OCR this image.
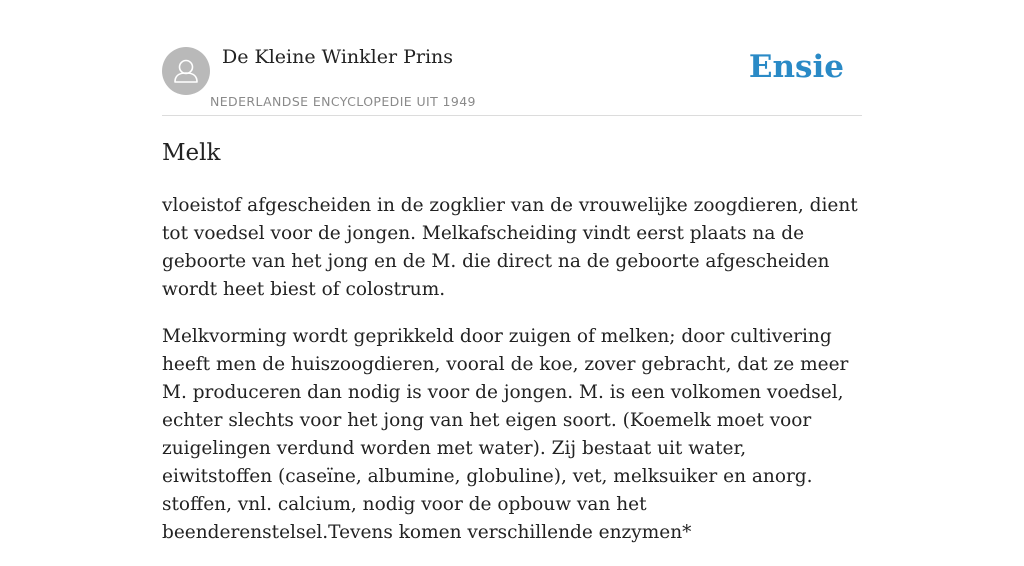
De Kleine Winkler Prins
NEDERLANDSE ENCYCLOPEDIE UIT 1949
Ensie
Melk

vloeistof afgescheiden in de zogklier van de vrouwelijke zoogdieren, dient tot voedsel voor de jongen. Melkafscheiding vindt eerst plaats na de geboorte van het jong en de M. die direct na de geboorte afgescheiden wordt heet biest of colostrum.

Melkvorming wordt geprikkeld door zuigen of melken; door cultivering heeft men de huiszoogdieren, vooral de koe, zover gebracht, dat ze meer M. produceren dan nodig is voor de jongen. M. is een volkomen voedsel, echter slechts voor het jong van het eigen soort. (Koemelk moet voor zuigelingen verdund worden met water). Zij bestaat uit water, eiwitstoffen (caseïne, albumine, globuline), vet, melksuiker en anorg. stoffen, vnl. calcium, nodig voor de opbouw van het beenderenstelsel.Tevens komen verschillende enzymen*
